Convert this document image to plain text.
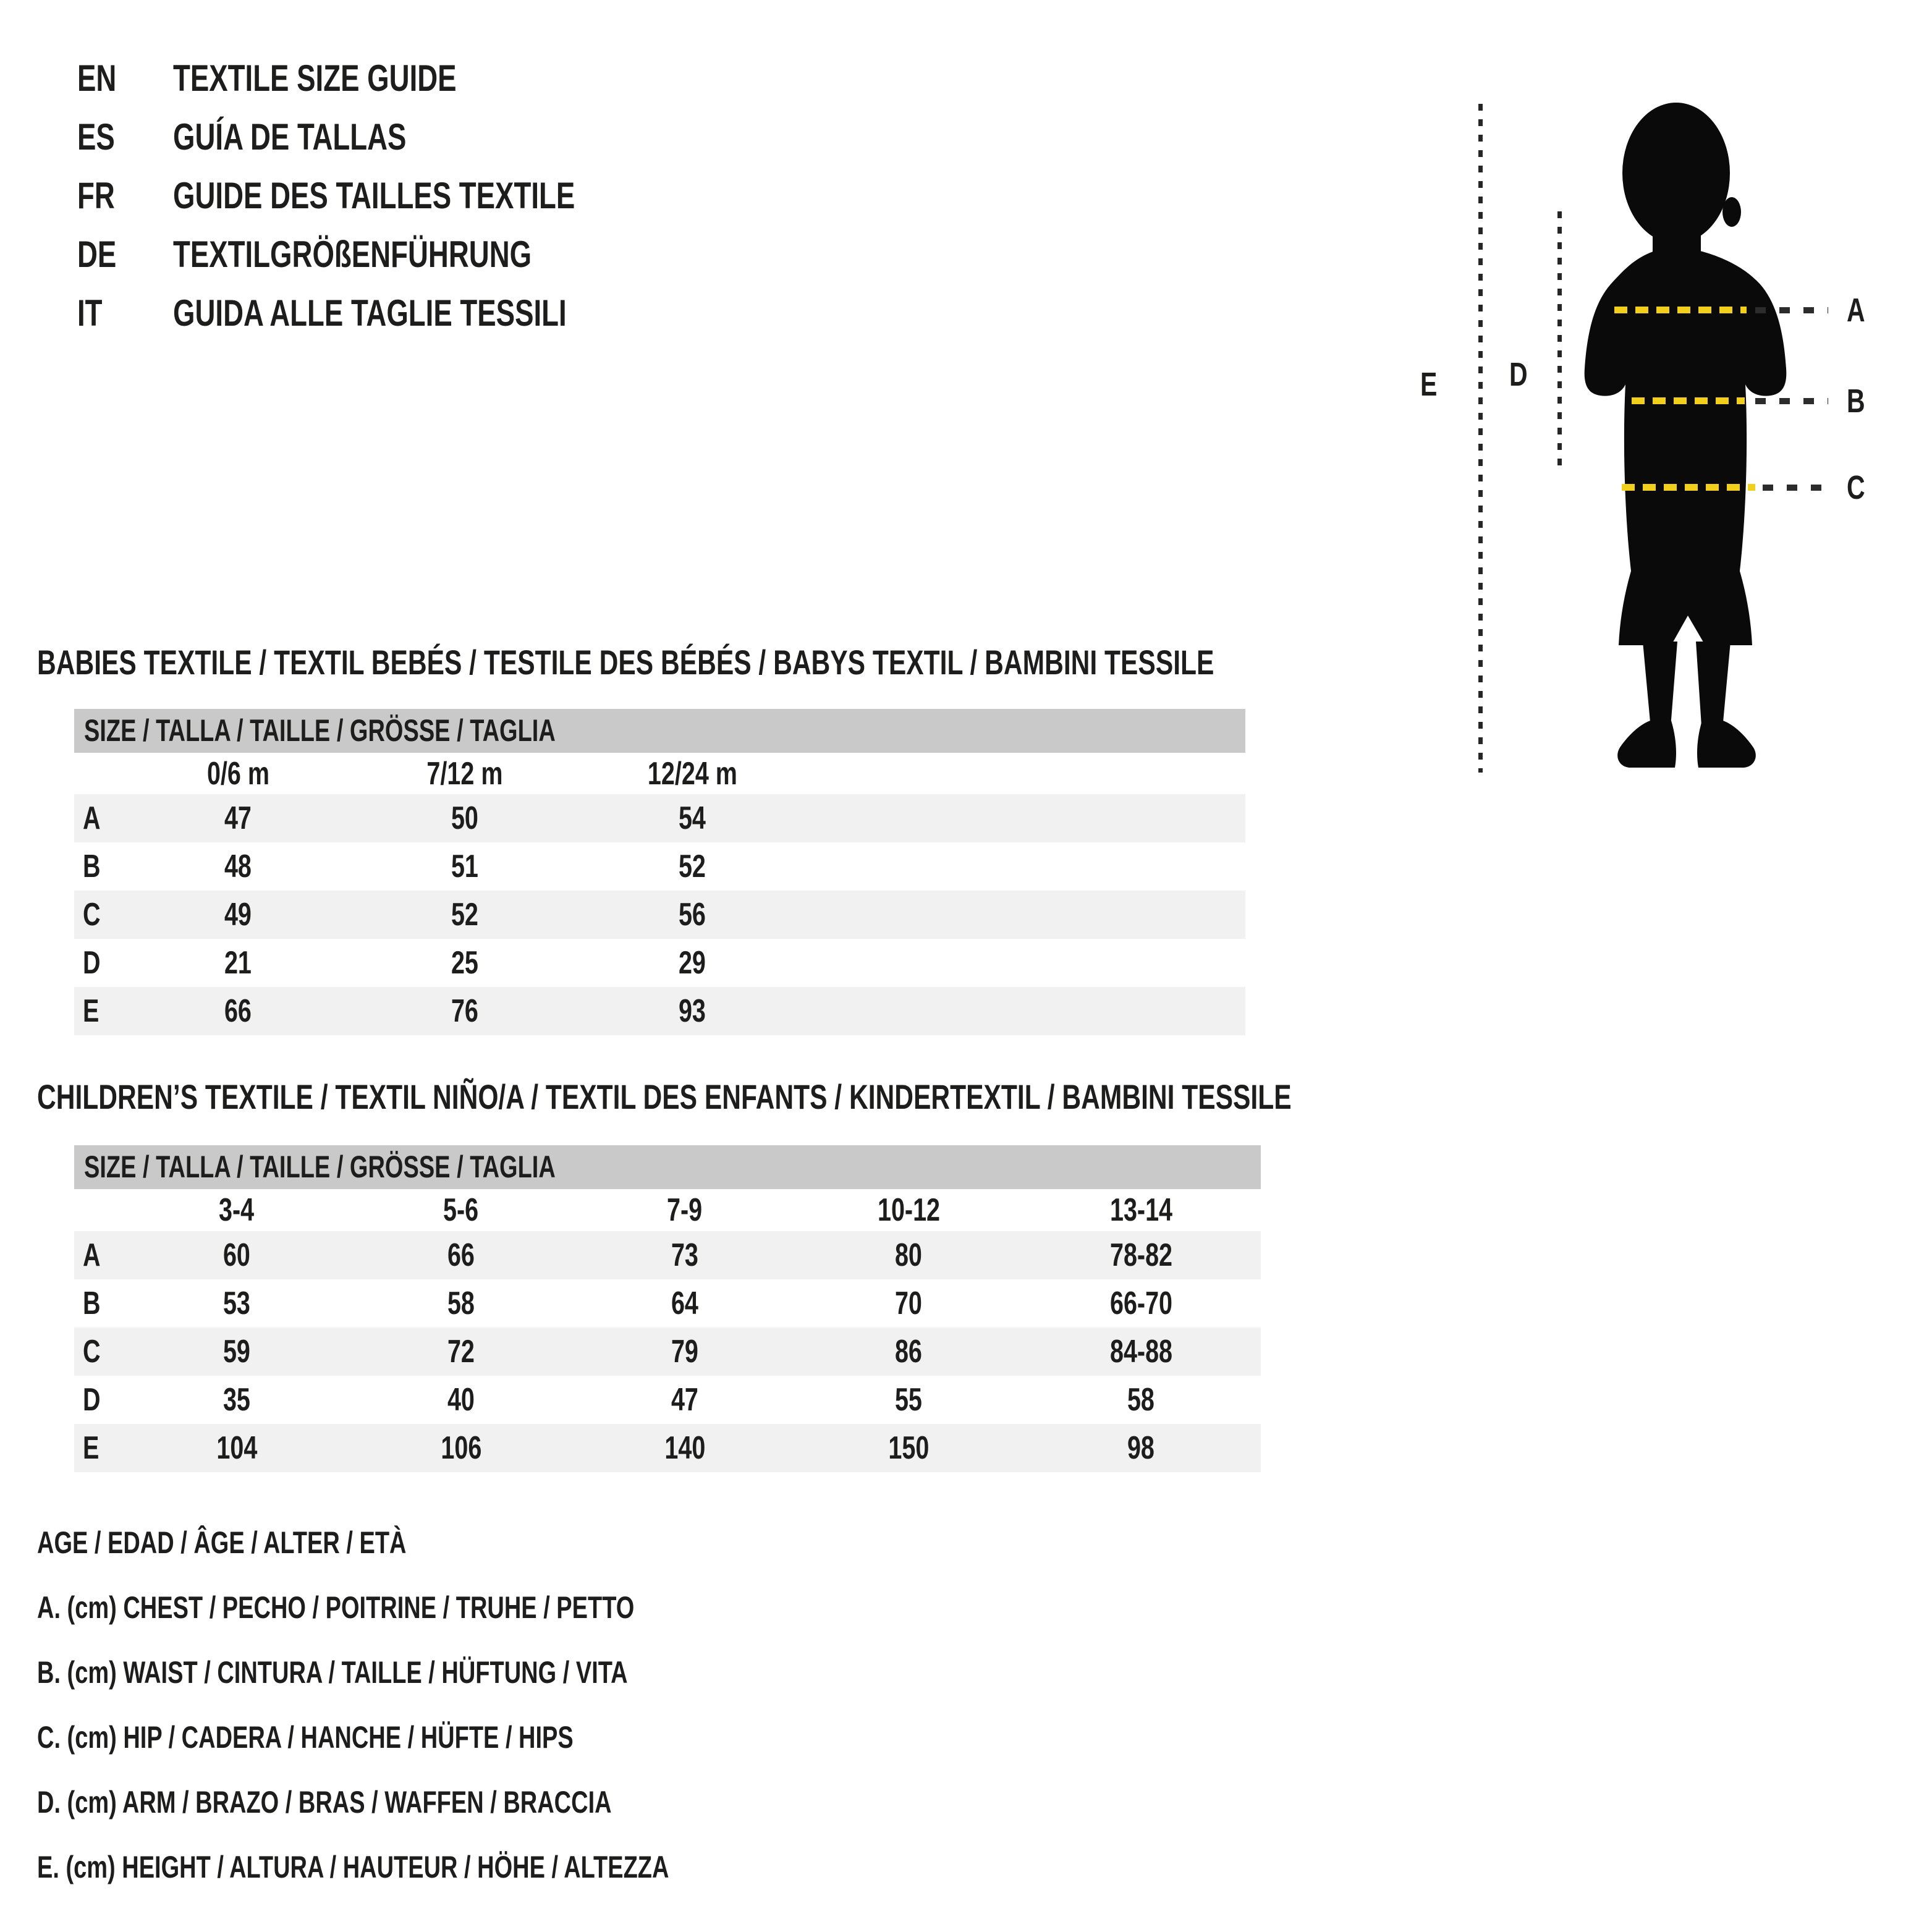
EN	TEXTILE SIZE GUIDE
ES	GUÍA DE TALLAS
FR	GUIDE DES TAILLES TEXTILE
DE	TEXTILGRÖßENFÜHRUNG
IT GUIDA ALLE TAGLIE TESSILI
E D
A
B
C
BABIES TEXTILE / TEXTIL BEBÉS / TESTILE DES BÉBÉS / BABYS TEXTIL / BAMBINI TESSILE
SIZE / TALLA / TAILLE / GRÖSSE / TAGLIA
0/6 m	7/12 m	12/24 m
A	47	50	54
B	48	51	52
C	49	52	56
D	21	25	29
E	66	76	93
CHILDREN’S TEXTILE / TEXTIL NIÑO/A / TEXTIL DES ENFANTS / KINDERTEXTIL / BAMBINI TESSILE
SIZE / TALLA / TAILLE / GRÖSSE / TAGLIA
3-4	5-6	7-9	10-12	13-14
A	60	66	73	80	78-82
B	53	58	64	70	66-70
C	59	72	79	86	84-88
D	35	40	47	55	58
E	104	106	140	150	98
AGE / EDAD / ÂGE / ALTER / ETÀ
A. (cm) CHEST / PECHO / POITRINE / TRUHE / PETTO
B. (cm) WAIST / CINTURA / TAILLE / HÜFTUNG / VITA
C. (cm) HIP / CADERA / HANCHE / HÜFTE / HIPS
D. (cm) ARM / BRAZO / BRAS / WAFFEN / BRACCIA
E. (cm) HEIGHT / ALTURA / HAUTEUR / HÖHE / ALTEZZA
